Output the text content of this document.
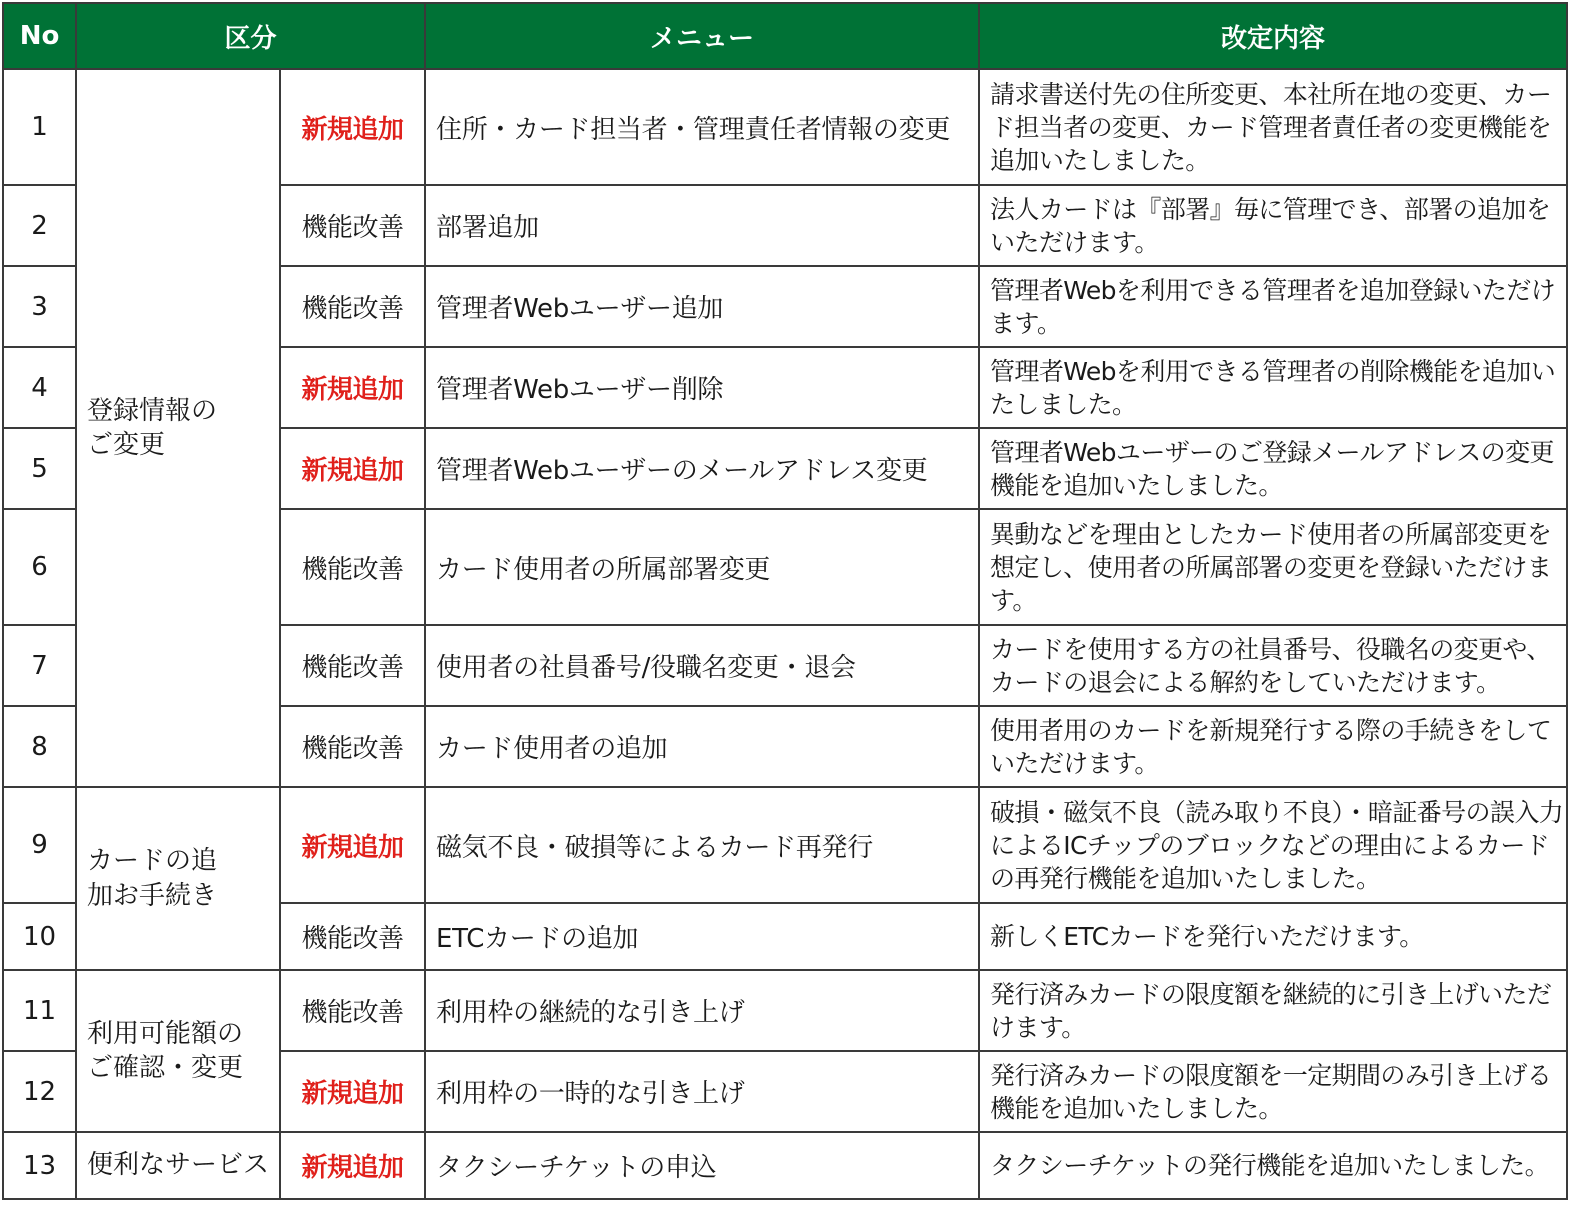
No	区分		メニュー	改定内容
1	登録情報のご変更	新規追加	住所・カード担当者・管理責任者情報の変更	請求書送付先の住所変更、本社所在地の変更、カード担当者の変更、カード管理者責任者の変更機能を追加いたしました。
2		機能改善	部署追加	法人カードは『部署』毎に管理でき、部署の追加をいただけます。
3		機能改善	管理者Webユーザー追加	管理者Webを利用できる管理者を追加登録いただけます。
4		新規追加	管理者Webユーザー削除	管理者Webを利用できる管理者の削除機能を追加いたしました。
5		新規追加	管理者Webユーザーのメールアドレス変更	管理者Webユーザーのご登録メールアドレスの変更機能を追加いたしました。
6		機能改善	カード使用者の所属部署変更	異動などを理由としたカード使用者の所属部変更を想定し、使用者の所属部署の変更を登録いただけます。
7		機能改善	使用者の社員番号/役職名変更・退会	カードを使用する方の社員番号、役職名の変更や、カードの退会による解約をしていただけます。
8		機能改善	カード使用者の追加	使用者用のカードを新規発行する際の手続きをしていただけます。
9	カードの追加お手続き	新規追加	磁気不良・破損等によるカード再発行	破損・磁気不良（読み取り不良）・暗証番号の誤入力によるICチップのブロックなどの理由によるカードの再発行機能を追加いたしました。
10		機能改善	ETCカードの追加	新しくETCカードを発行いただけます。
11	利用可能額のご確認・変更	機能改善	利用枠の継続的な引き上げ	発行済みカードの限度額を継続的に引き上げいただけます。
12		新規追加	利用枠の一時的な引き上げ	発行済みカードの限度額を一定期間のみ引き上げる機能を追加いたしました。
13	便利なサービス	新規追加	タクシーチケットの申込	タクシーチケットの発行機能を追加いたしました。
